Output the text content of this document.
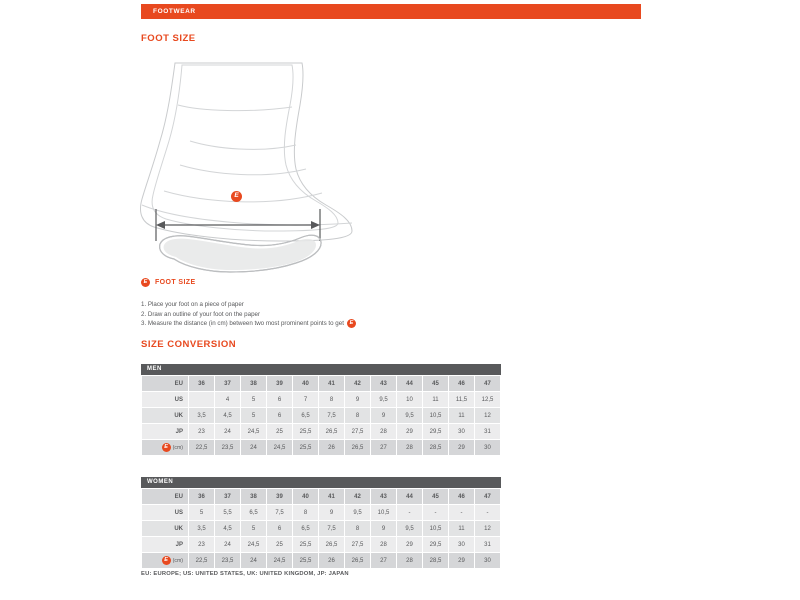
FOOTWEAR
FOOT SIZE
E
E	FOOT SIZE
1. Place your foot on a piece of paper
2. Draw an outline of your foot on the paper
3. Measure the distance (in cm) between two most prominent points to get	E
SIZE CONVERSION
MEN
EU	36	37	38	39	40	41	42	43	44	45	46	47
US		4	5	6	7	8	9	9,5	10	11	11,5	12,5
UK	3,5	4,5	5	6	6,5	7,5	8	9	9,5	10,5	11	12
JP	23	24	24,5	25	25,5	26,5	27,5	28	29	29,5	30	31

E (cm)	22,5	23,5	24	24,5	25,5	26	26,5	27	28	28,5	29	30
WOMEN
EU	36	37	38	39	40	41	42	43	44	45	46	47
US	5	5,5	6,5	7,5	8	9	9,5	10,5	-	-	-	-
UK	3,5	4,5	5	6	6,5	7,5	8	9	9,5	10,5	11	12
JP	23	24	24,5	25	25,5	26,5	27,5	28	29	29,5	30	31

E (cm)	22,5	23,5	24	24,5	25,5	26	26,5	27	28	28,5	29	30
EU: EUROPE; US: UNITED STATES, UK: UNITED KINGDOM, JP: JAPAN
